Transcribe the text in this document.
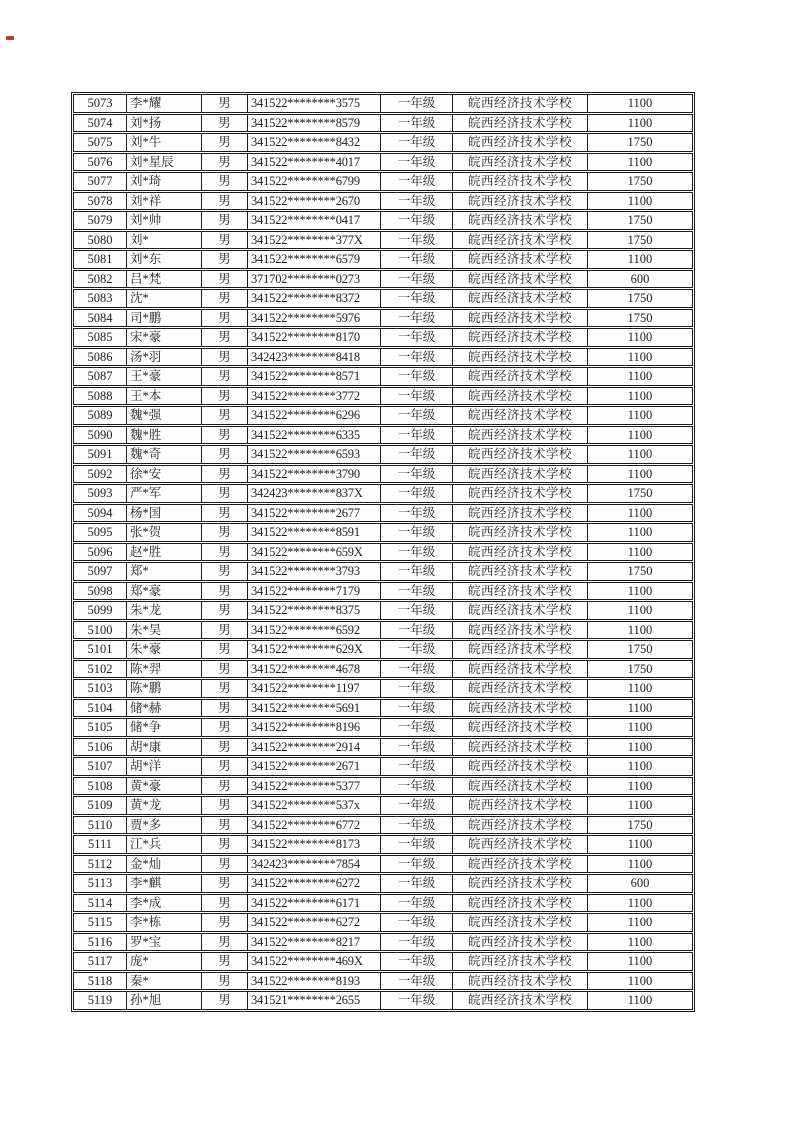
5073	李*耀	男	341522********3575	一年级	皖西经济技术学校	1100
5074	刘*扬	男	341522********8579	一年级	皖西经济技术学校	1100
5075	刘*牛	男	341522********8432	一年级	皖西经济技术学校	1750
5076	刘*星辰	男	341522********4017	一年级	皖西经济技术学校	1100
5077	刘*琦	男	341522********6799	一年级	皖西经济技术学校	1750
5078	刘*祥	男	341522********2670	一年级	皖西经济技术学校	1100
5079	刘*帅	男	341522********0417	一年级	皖西经济技术学校	1750
5080	刘*	男	341522********377X	一年级	皖西经济技术学校	1750
5081	刘*东	男	341522********6579	一年级	皖西经济技术学校	1100
5082	吕*梵	男	371702********0273	一年级	皖西经济技术学校	600
5083	沈*	男	341522********8372	一年级	皖西经济技术学校	1750
5084	司*鹏	男	341522********5976	一年级	皖西经济技术学校	1750
5085	宋*豪	男	341522********8170	一年级	皖西经济技术学校	1100
5086	汤*羽	男	342423********8418	一年级	皖西经济技术学校	1100
5087	王*豪	男	341522********8571	一年级	皖西经济技术学校	1100
5088	王*本	男	341522********3772	一年级	皖西经济技术学校	1100
5089	魏*强	男	341522********6296	一年级	皖西经济技术学校	1100
5090	魏*胜	男	341522********6335	一年级	皖西经济技术学校	1100
5091	魏*奇	男	341522********6593	一年级	皖西经济技术学校	1100
5092	徐*安	男	341522********3790	一年级	皖西经济技术学校	1100
5093	严*军	男	342423********837X	一年级	皖西经济技术学校	1750
5094	杨*国	男	341522********2677	一年级	皖西经济技术学校	1100
5095	张*贺	男	341522********8591	一年级	皖西经济技术学校	1100
5096	赵*胜	男	341522********659X	一年级	皖西经济技术学校	1100
5097	郑*	男	341522********3793	一年级	皖西经济技术学校	1750
5098	郑*豪	男	341522********7179	一年级	皖西经济技术学校	1100
5099	朱*龙	男	341522********8375	一年级	皖西经济技术学校	1100
5100	朱*昊	男	341522********6592	一年级	皖西经济技术学校	1100
5101	朱*豪	男	341522********629X	一年级	皖西经济技术学校	1750
5102	陈*羿	男	341522********4678	一年级	皖西经济技术学校	1750
5103	陈*鹏	男	341522********1197	一年级	皖西经济技术学校	1100
5104	储*赫	男	341522********5691	一年级	皖西经济技术学校	1100
5105	储*争	男	341522********8196	一年级	皖西经济技术学校	1100
5106	胡*康	男	341522********2914	一年级	皖西经济技术学校	1100
5107	胡*洋	男	341522********2671	一年级	皖西经济技术学校	1100
5108	黄*豪	男	341522********5377	一年级	皖西经济技术学校	1100
5109	黄*龙	男	341522********537x	一年级	皖西经济技术学校	1100
5110	贾*多	男	341522********6772	一年级	皖西经济技术学校	1750
5111	江*兵	男	341522********8173	一年级	皖西经济技术学校	1100
5112	金*灿	男	342423********7854	一年级	皖西经济技术学校	1100
5113	李*麒	男	341522********6272	一年级	皖西经济技术学校	600
5114	李*成	男	341522********6171	一年级	皖西经济技术学校	1100
5115	李*栋	男	341522********6272	一年级	皖西经济技术学校	1100
5116	罗*宝	男	341522********8217	一年级	皖西经济技术学校	1100
5117	庞*	男	341522********469X	一年级	皖西经济技术学校	1100
5118	秦*	男	341522********8193	一年级	皖西经济技术学校	1100
5119	孙*旭	男	341521********2655	一年级	皖西经济技术学校	1100
